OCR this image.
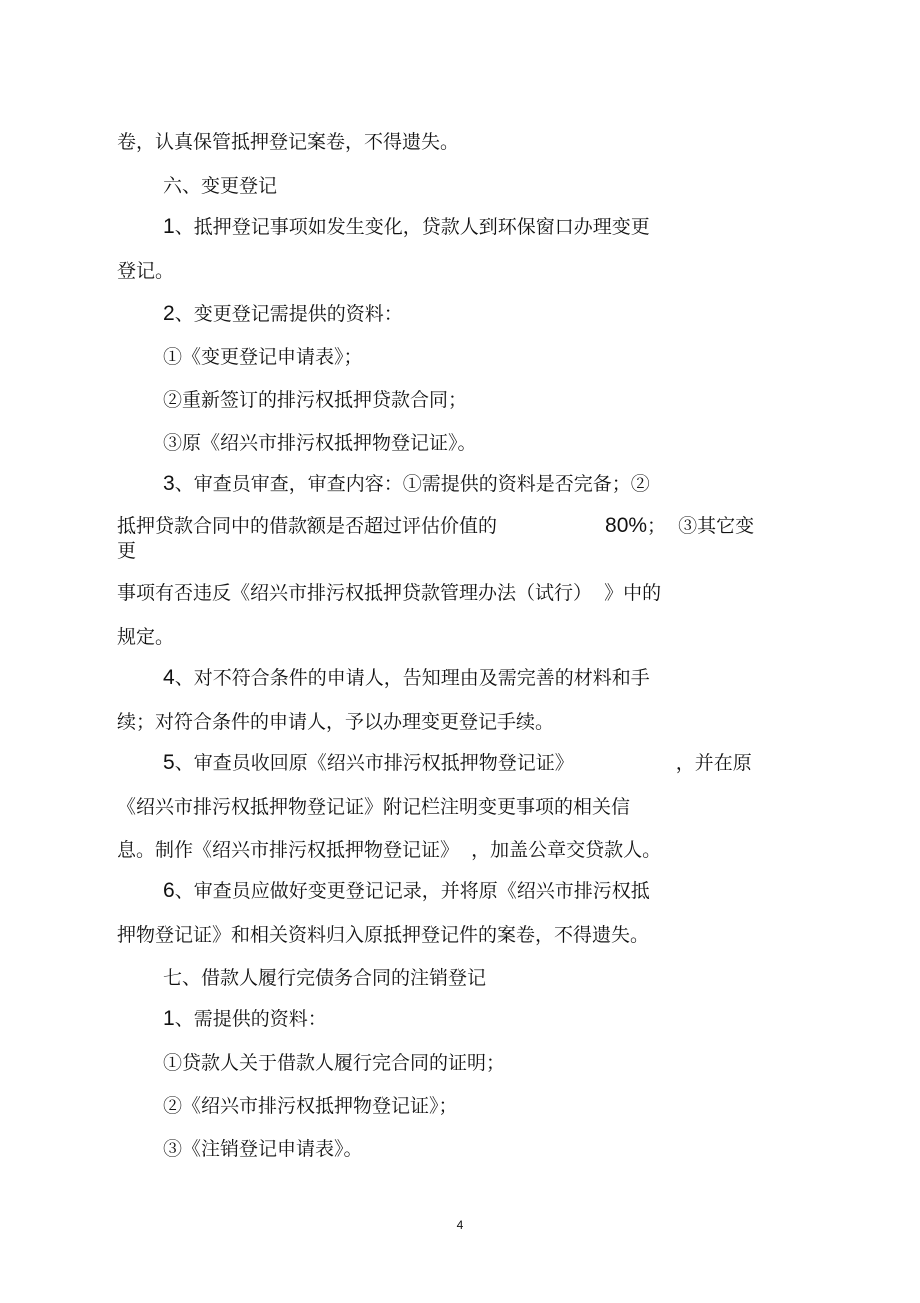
卷，认真保管抵押登记案卷，不得遗失。
六、变更登记
1、抵押登记事项如发生变化，贷款人到环保窗口办理变更
登记。
2、变更登记需提供的资料：
①《变更登记申请表》；
②重新签订的排污权抵押贷款合同；
③原《绍兴市排污权抵押物登记证》。
3、审查员审查，审查内容：①需提供的资料是否完备；②
抵押贷款合同中的借款额是否超过评估价值的	80%；  ③其它变
更
事项有否违反《绍兴市排污权抵押贷款管理办法（试行）  》中的
规定。
4、对不符合条件的申请人，告知理由及需完善的材料和手
续；对符合条件的申请人，予以办理变更登记手续。
5、审查员收回原《绍兴市排污权抵押物登记证》	，并在原
《绍兴市排污权抵押物登记证》附记栏注明变更事项的相关信
息。制作《绍兴市排污权抵押物登记证》  ，加盖公章交贷款人。
6、审查员应做好变更登记记录，并将原《绍兴市排污权抵
押物登记证》和相关资料归入原抵押登记件的案卷，不得遗失。
七、借款人履行完债务合同的注销登记
1、需提供的资料：
①贷款人关于借款人履行完合同的证明；
②《绍兴市排污权抵押物登记证》；
③《注销登记申请表》。
4
